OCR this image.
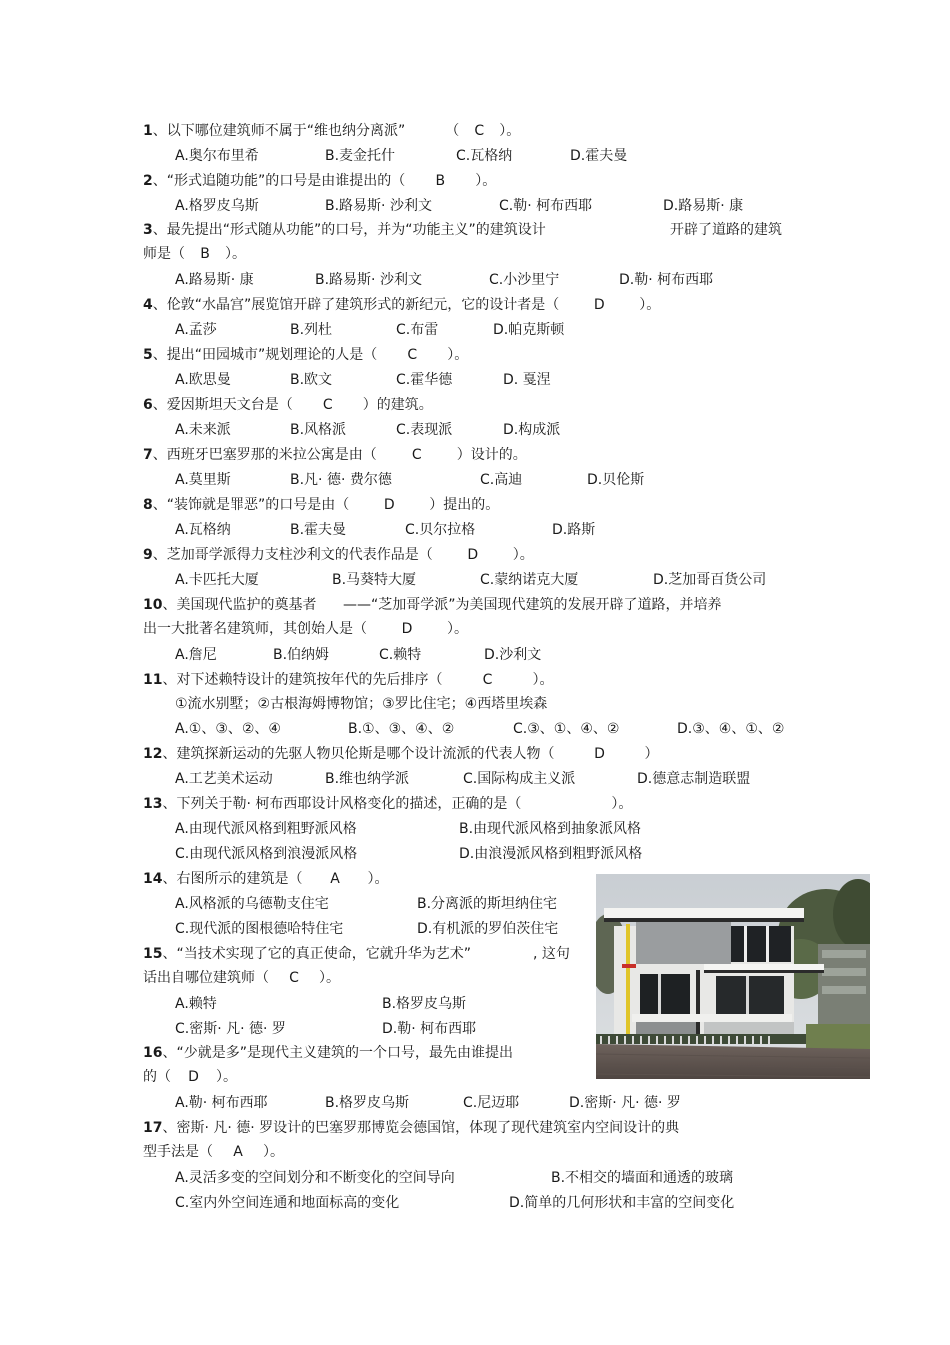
1、以下哪位建筑师不属于“维也纳分离派”	（ C ）。
A.奥尔布里希	B.麦金托什	C.瓦格纳	D.霍夫曼
2、“形式追随功能”的口号是由谁提出的（ B ）。
A.格罗皮乌斯	B.路易斯· 沙利文	C.勒· 柯布西耶	D.路易斯· 康
3、最先提出“形式随从功能”的口号，并为“功能主义”的建筑设计	开辟了道路的建筑
师是（ B ）。
A.路易斯· 康	B.路易斯· 沙利文	C.小沙里宁	D.勒· 柯布西耶
4、伦敦“水晶宫”展览馆开辟了建筑形式的新纪元，它的设计者是（ D ）。
A.孟莎	B.列杜	C.布雷	D.帕克斯顿
5、提出“田园城市”规划理论的人是（ C ）。
A.欧思曼	B.欧文	C.霍华德	D. 戛涅
6、爱因斯坦天文台是（ C ）的建筑。
A.未来派	B.风格派	C.表现派	D.构成派
7、西班牙巴塞罗那的米拉公寓是由（	C	）设计的。
A.莫里斯	B.凡· 德· 费尔德	C.高迪	D.贝伦斯
8、“装饰就是罪恶”的口号是由（ D ）提出的。
A.瓦格纳	B.霍夫曼	C.贝尔拉格	D.路斯
9、芝加哥学派得力支柱沙利文的代表作品是（ D ）。
A.卡匹托大厦	B.马葵特大厦	C.蒙纳诺克大厦	D.芝加哥百货公司
10、美国现代监护的奠基者 ——“芝加哥学派”为美国现代建筑的发展开辟了道路，并培养
出一大批著名建筑师，其创始人是（ D ）。
A.詹尼	B.伯纳姆	C.赖特	D.沙利文
11、对下述赖特设计的建筑按年代的先后排序（	C	）。
①流水别墅；②古根海姆博物馆；③罗比住宅；④西塔里埃森
A.①、③、②、④	B.①、③、④、②	C.③、①、④、②	D.③、④、①、②
12、建筑探新运动的先驱人物贝伦斯是哪个设计流派的代表人物（	D	）
A.工艺美术运动	B.维也纳学派	C.国际构成主义派	D.德意志制造联盟
13、下列关于勒· 柯布西耶设计风格变化的描述，正确的是（	）。
A.由现代派风格到粗野派风格	B.由现代派风格到抽象派风格
C.由现代派风格到浪漫派风格	D.由浪漫派风格到粗野派风格
14、右图所示的建筑是（ A ）。
A.风格派的乌德勒支住宅	B.分离派的斯坦纳住宅
C.现代派的图根德哈特住宅	D.有机派的罗伯茨住宅
15、“当技术实现了它的真正使命，它就升华为艺术”	, 这句
话出自哪位建筑师（ C ）。
A.赖特	B.格罗皮乌斯
C.密斯· 凡· 德· 罗	D.勒· 柯布西耶
16、“少就是多”是现代主义建筑的一个口号，最先由谁提出
的（ D ）。
A.勒· 柯布西耶	B.格罗皮乌斯	C.尼迈耶	D.密斯· 凡· 德· 罗
17、密斯· 凡· 德· 罗设计的巴塞罗那博览会德国馆，体现了现代建筑室内空间设计的典
型手法是（ A ）。
A.灵活多变的空间划分和不断变化的空间导向	B.不相交的墙面和通透的玻璃
C.室内外空间连通和地面标高的变化	D.简单的几何形状和丰富的空间变化
